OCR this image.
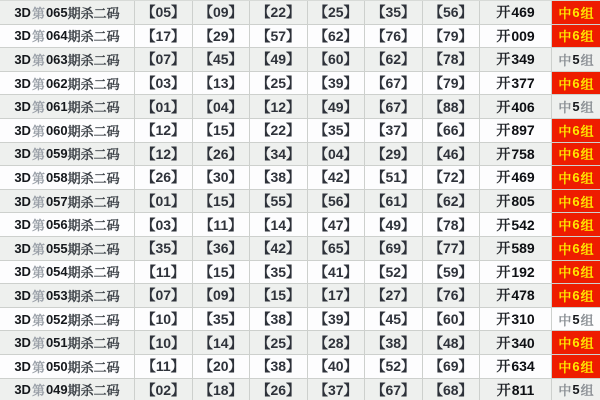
3D 第 065 期杀二码 【 05 】 【 09 】 【 22 】 【 25 】 【 35 】 【 56 】 开 469 中 6 组
3D 第 064 期杀二码 【 17 】 【 29 】 【 57 】 【 62 】 【 76 】 【 79 】 开 009 中 6 组
3D 第 063 期杀二码 【 07 】 【 45 】 【 49 】 【 60 】 【 62 】 【 78 】 开 349 中 5 组
3D 第 062 期杀二码 【 03 】 【 13 】 【 25 】 【 39 】 【 67 】 【 79 】 开 377 中 6 组
3D 第 061 期杀二码 【 01 】 【 04 】 【 12 】 【 49 】 【 67 】 【 88 】 开 406 中 5 组
3D 第 060 期杀二码 【 12 】 【 15 】 【 22 】 【 35 】 【 37 】 【 66 】 开 897 中 6 组
3D 第 059 期杀二码 【 12 】 【 26 】 【 34 】 【 04 】 【 29 】 【 46 】 开 758 中 6 组
3D 第 058 期杀二码 【 26 】 【 30 】 【 38 】 【 42 】 【 51 】 【 72 】 开 469 中 6 组
3D 第 057 期杀二码 【 01 】 【 15 】 【 55 】 【 56 】 【 61 】 【 62 】 开 805 中 6 组
3D 第 056 期杀二码 【 03 】 【 11 】 【 14 】 【 47 】 【 49 】 【 78 】 开 542 中 6 组
3D 第 055 期杀二码 【 35 】 【 36 】 【 42 】 【 65 】 【 69 】 【 77 】 开 589 中 6 组
3D 第 054 期杀二码 【 11 】 【 15 】 【 35 】 【 41 】 【 52 】 【 59 】 开 192 中 6 组
3D 第 053 期杀二码 【 07 】 【 09 】 【 15 】 【 17 】 【 27 】 【 76 】 开 478 中 6 组
3D 第 052 期杀二码 【 10 】 【 35 】 【 38 】 【 39 】 【 45 】 【 60 】 开 310 中 5 组
3D 第 051 期杀二码 【 10 】 【 14 】 【 25 】 【 28 】 【 38 】 【 48 】 开 340 中 6 组
3D 第 050 期杀二码 【 11 】 【 20 】 【 38 】 【 40 】 【 52 】 【 69 】 开 634 中 6 组
3D 第 049 期杀二码 【 02 】 【 18 】 【 26 】 【 37 】 【 67 】 【 68 】 开 811 中 5 组
